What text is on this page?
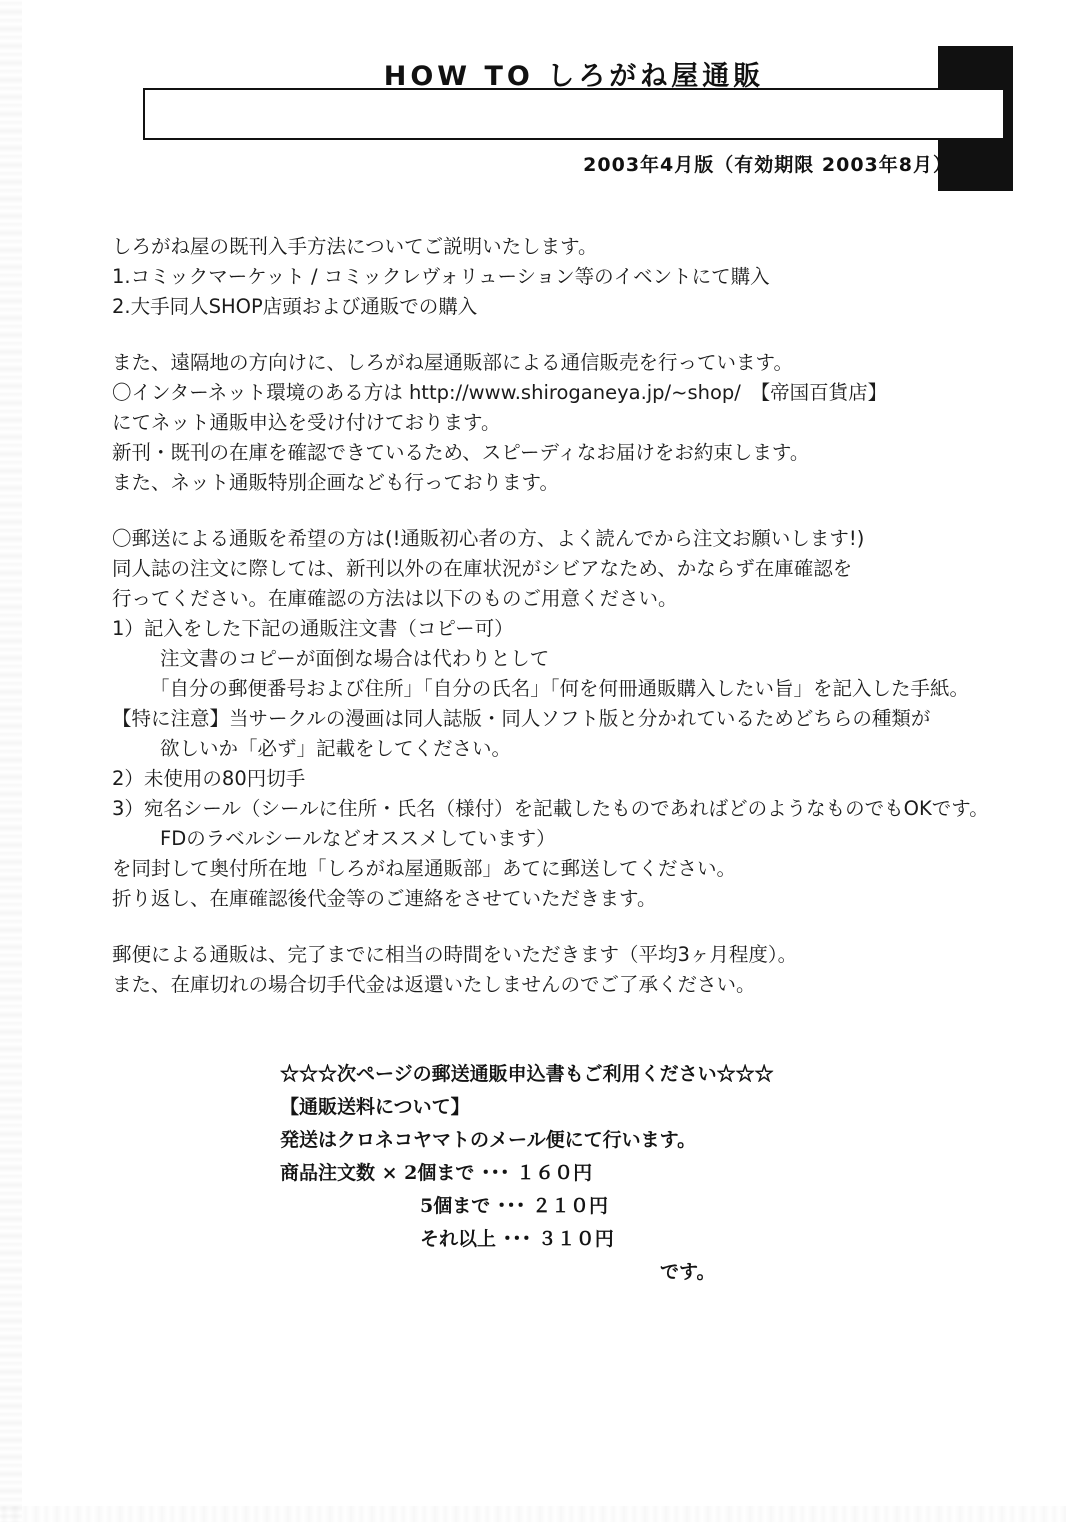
HOW TO しろがね屋通販
2003年4月版（有効期限 2003年8月）
しろがね屋の既刊入手方法についてご説明いたします。
1.コミックマーケット / コミックレヴォリューション等のイベントにて購入
2.大手同人SHOP店頭および通販での購入
また、遠隔地の方向けに、しろがね屋通販部による通信販売を行っています。
〇インターネット環境のある方は http://www.shiroganeya.jp/~shop/　【帝国百貨店】
にてネット通販申込を受け付けております。
新刊・既刊の在庫を確認できているため、スピーディなお届けをお約束します。
また、ネット通販特別企画なども行っております。
〇郵送による通販を希望の方は(!通販初心者の方、よく読んでから注文お願いします!)
同人誌の注文に際しては、新刊以外の在庫状況がシビアなため、かならず在庫確認を
行ってください。在庫確認の方法は以下のものご用意ください。
1）記入をした下記の通販注文書（コピー可）
注文書のコピーが面倒な場合は代わりとして
「自分の郵便番号および住所」「自分の氏名」「何を何冊通販購入したい旨」を記入した手紙。
【特に注意】当サークルの漫画は同人誌版・同人ソフト版と分かれているためどちらの種類が
欲しいか「必ず」記載をしてください。
2）未使用の80円切手
3）宛名シール（シールに住所・氏名（様付）を記載したものであればどのようなものでもOKです。
FDのラベルシールなどオススメしています）
を同封して奥付所在地「しろがね屋通販部」あてに郵送してください。
折り返し、在庫確認後代金等のご連絡をさせていただきます。
郵便による通販は、完了までに相当の時間をいただきます（平均3ヶ月程度）。
また、在庫切れの場合切手代金は返還いたしませんのでご了承ください。
☆☆☆次ページの郵送通販申込書もご利用ください☆☆☆
【通販送料について】
発送はクロネコヤマトのメール便にて行います。
商品注文数 × 2個まで ･･･ １６０円
5個まで ･･･ ２１０円
それ以上 ･･･ ３１０円
です。
